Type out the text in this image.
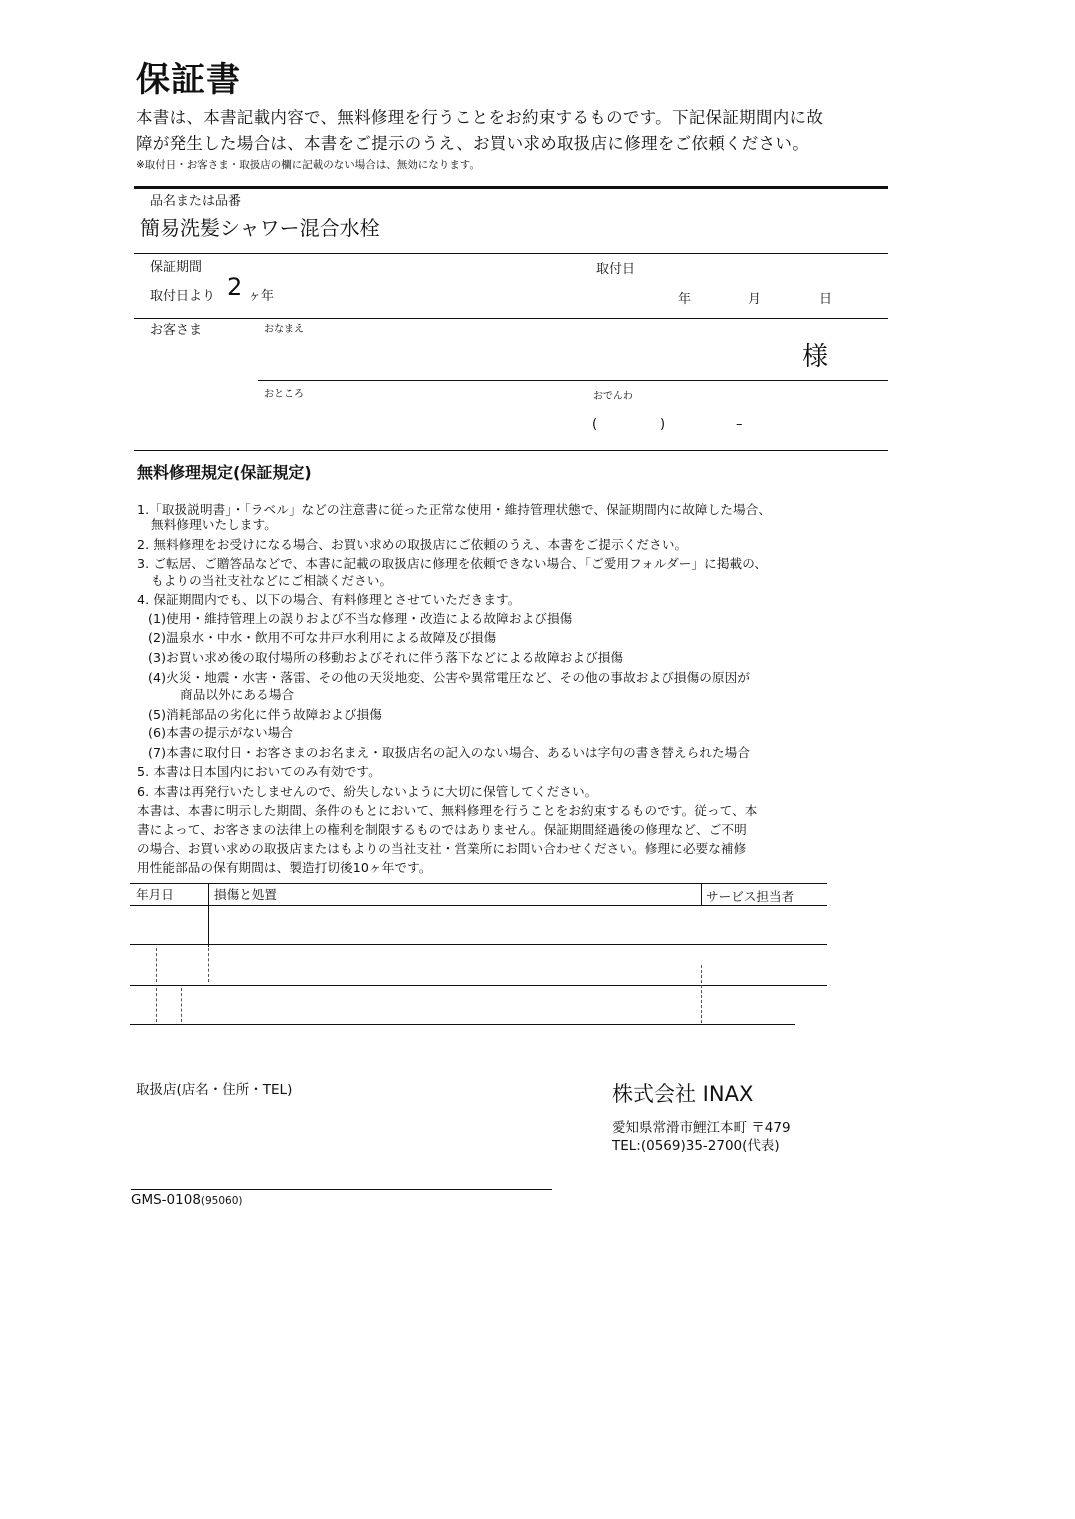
保証書
本書は、本書記載内容で、無料修理を行うことをお約束するものです。下記保証期間内に故
障が発生した場合は、本書をご提示のうえ、お買い求め取扱店に修理をご依頼ください。
※取付日・お客さま・取扱店の欄に記載のない場合は、無効になります。
品名または品番
簡易洗髪シャワー混合水栓
保証期間	取付日
取付日より 2 ヶ年	年	月	日
お客さま	おなまえ
様
おところ	おでんわ
(	)	–
無料修理規定(保証規定)
1.「取扱説明書」・「ラベル」などの注意書に従った正常な使用・維持管理状態で、保証期間内に故障した場合、
無料修理いたします。
2. 無料修理をお受けになる場合、お買い求めの取扱店にご依頼のうえ、本書をご提示ください。
3. ご転居、ご贈答品などで、本書に記載の取扱店に修理を依頼できない場合、「ご愛用フォルダー」に掲載の、
もよりの当社支社などにご相談ください。
4. 保証期間内でも、以下の場合、有料修理とさせていただきます。
(1)使用・維持管理上の誤りおよび不当な修理・改造による故障および損傷
(2)温泉水・中水・飲用不可な井戸水利用による故障及び損傷
(3)お買い求め後の取付場所の移動およびそれに伴う落下などによる故障および損傷
(4)火災・地震・水害・落雷、その他の天災地変、公害や異常電圧など、その他の事故および損傷の原因が
商品以外にある場合
(5)消耗部品の劣化に伴う故障および損傷
(6)本書の提示がない場合
(7)本書に取付日・お客さまのお名まえ・取扱店名の記入のない場合、あるいは字句の書き替えられた場合
5. 本書は日本国内においてのみ有効です。
6. 本書は再発行いたしませんので、紛失しないように大切に保管してください。
本書は、本書に明示した期間、条件のもとにおいて、無料修理を行うことをお約束するものです。従って、本
書によって、お客さまの法律上の権利を制限するものではありません。保証期間経過後の修理など、ご不明
の場合、お買い求めの取扱店またはもよりの当社支社・営業所にお問い合わせください。修理に必要な補修
用性能部品の保有期間は、製造打切後10ヶ年です。
年月日	損傷と処置	サービス担当者
取扱店(店名・住所・TEL)	株式会社 INAX
愛知県常滑市鯉江本町 〒479
TEL:(0569)35-2700(代表)
GMS-0108(95060)
